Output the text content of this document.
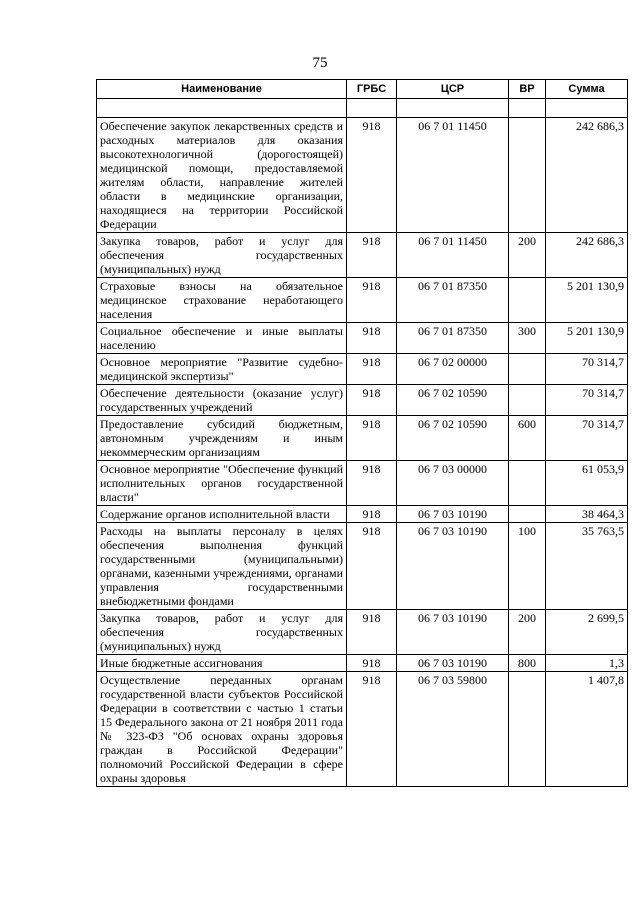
75
Наименование	ГРБС	ЦСР	ВР	Сумма

Обеспечение закупок лекарственных средств и расходных материалов для оказания высокотехнологичной (дорогостоящей) медицинской помощи, предоставляемой жителям области, направление жителей области в медицинские организации, находящиеся на территории Российской Федерации	918	06 7 01 11450		242 686,3
Закупка товаров, работ и услуг для обеспечения государственных (муниципальных) нужд	918	06 7 01 11450	200	242 686,3
Страховые взносы на обязательное медицинское страхование неработающего населения	918	06 7 01 87350		5 201 130,9
Социальное обеспечение и иные выплаты населению	918	06 7 01 87350	300	5 201 130,9
Основное мероприятие "Развитие судебно-медицинской экспертизы"	918	06 7 02 00000		70 314,7
Обеспечение деятельности (оказание услуг) государственных учреждений	918	06 7 02 10590		70 314,7
Предоставление субсидий бюджетным, автономным учреждениям и иным некоммерческим организациям	918	06 7 02 10590	600	70 314,7
Основное мероприятие "Обеспечение функций исполнительных органов государственной власти"	918	06 7 03 00000		61 053,9
Содержание органов исполнительной власти	918	06 7 03 10190		38 464,3
Расходы на выплаты персоналу в целях обеспечения выполнения функций государственными (муниципальными) органами, казенными учреждениями, органами управления государственными внебюджетными фондами	918	06 7 03 10190	100	35 763,5
Закупка товаров, работ и услуг для обеспечения государственных (муниципальных) нужд	918	06 7 03 10190	200	2 699,5
Иные бюджетные ассигнования	918	06 7 03 10190	800	1,3
Осуществление переданных органам государственной власти субъектов Российской Федерации в соответствии с частью 1 статьи 15 Федерального закона от 21 ноября 2011 года № 323-ФЗ "Об основах охраны здоровья граждан в Российской Федерации" полномочий Российской Федерации в сфере охраны здоровья	918	06 7 03 59800		1 407,8
